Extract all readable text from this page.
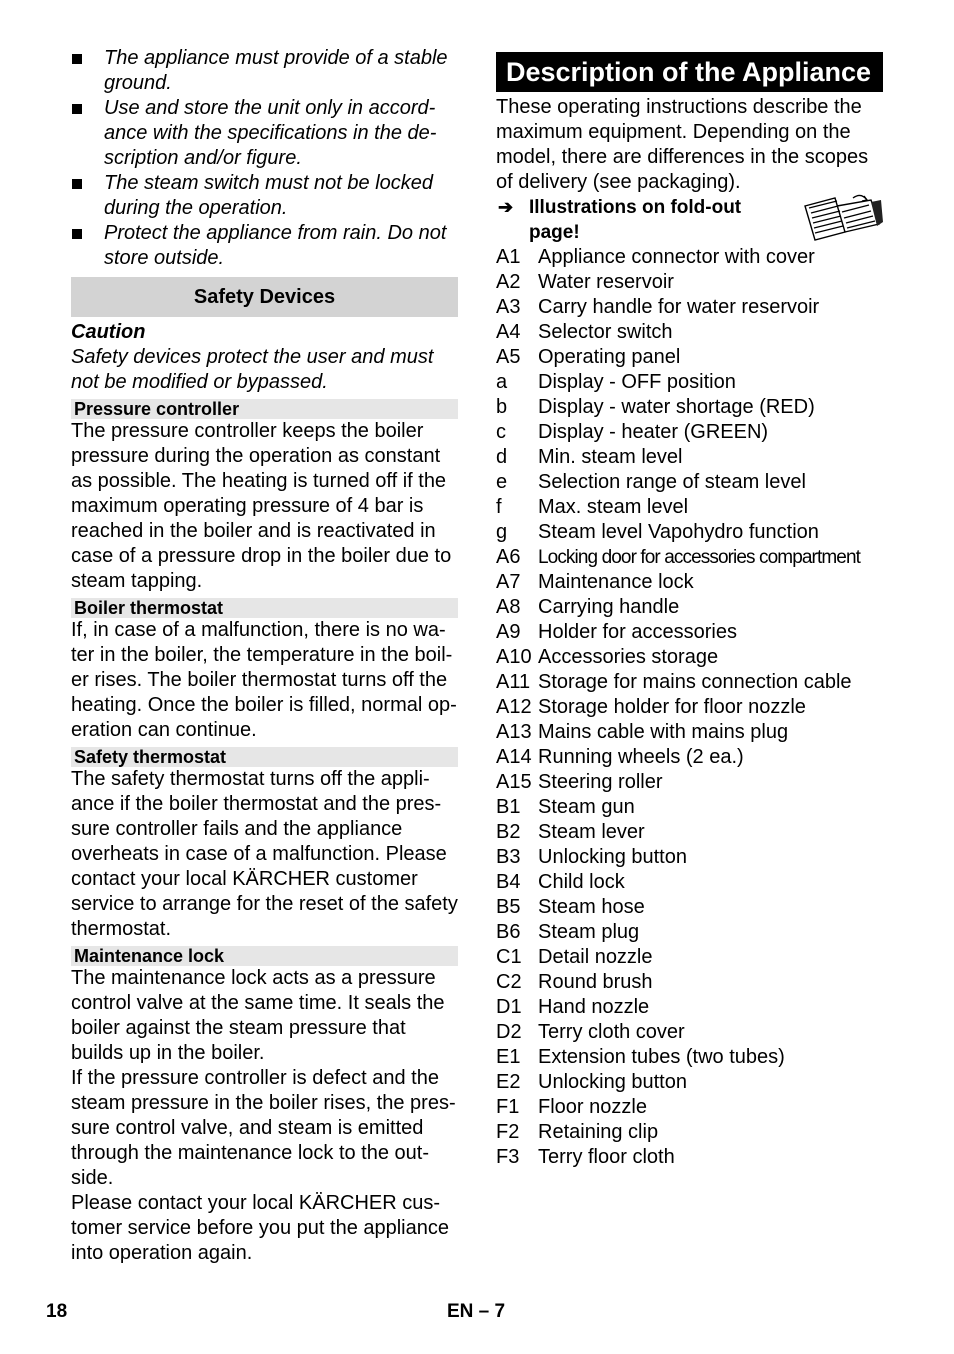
The appliance must provide of a stable
ground.
Use and store the unit only in accord-
ance with the specifications in the de-
scription and/or figure.
The steam switch must not be locked
during the operation.
Protect the appliance from rain. Do not
store outside.
Safety Devices
Caution
Safety devices protect the user and must
not be modified or bypassed.
Pressure controller
The pressure controller keeps the boiler
pressure during the operation as constant
as possible. The heating is turned off if the
maximum operating pressure of 4 bar is
reached in the boiler and is reactivated in
case of a pressure drop in the boiler due to
steam tapping.
Boiler thermostat
If, in case of a malfunction, there is no wa-
ter in the boiler, the temperature in the boil-
er rises. The boiler thermostat turns off the
heating. Once the boiler is filled, normal op-
eration can continue.
Safety thermostat
The safety thermostat turns off the appli-
ance if the boiler thermostat and the pres-
sure controller fails and the appliance
overheats in case of a malfunction. Please
contact your local KÄRCHER customer
service to arrange for the reset of the safety
thermostat.
Maintenance lock
The maintenance lock acts as a pressure
control valve at the same time. It seals the
boiler against the steam pressure that
builds up in the boiler.
If the pressure controller is defect and the
steam pressure in the boiler rises, the pres-
sure control valve, and steam is emitted
through the maintenance lock to the out-
side.
Please contact your local KÄRCHER cus-
tomer service before you put the appliance
into operation again.
Description of the Appliance
These operating instructions describe the
maximum equipment. Depending on the
model, there are differences in the scopes
of delivery (see packaging).
➔ Illustrations on fold-out
page!
A1 Appliance connector with cover
A2 Water reservoir
A3 Carry handle for water reservoir
A4 Selector switch
A5 Operating panel
a	Display - OFF position
b	Display - water shortage (RED)
c	Display - heater (GREEN)
d	Min. steam level
e	Selection range of steam level
f	Max. steam level
g	Steam level Vapohydro function
A6 Locking door for accessories compartment
A7 Maintenance lock
A8 Carrying handle
A9 Holder for accessories
A10 Accessories storage
A11 Storage for mains connection cable
A12 Storage holder for floor nozzle
A13 Mains cable with mains plug
A14 Running wheels (2 ea.)
A15 Steering roller
B1 Steam gun
B2 Steam lever
B3 Unlocking button
B4 Child lock
B5 Steam hose
B6 Steam plug
C1 Detail nozzle
C2 Round brush
D1 Hand nozzle
D2 Terry cloth cover
E1 Extension tubes (two tubes)
E2 Unlocking button
F1 Floor nozzle
F2 Retaining clip
F3 Terry floor cloth
18	EN – 7
